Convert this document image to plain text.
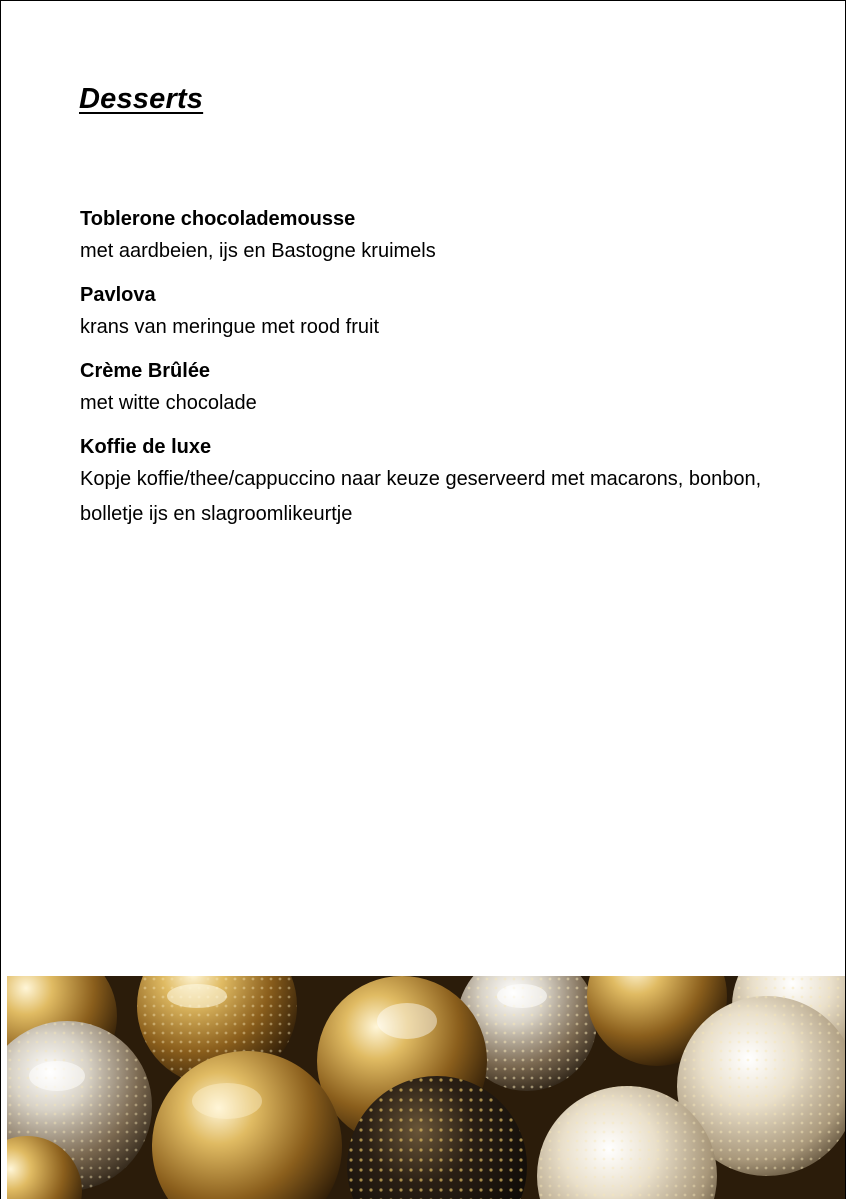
Desserts
Toblerone chocolademousse
met aardbeien, ijs en Bastogne kruimels
Pavlova
krans van meringue met rood fruit
Crème Brûlée
met witte chocolade
Koffie de luxe
Kopje koffie/thee/cappuccino naar keuze geserveerd met macarons, bonbon, bolletje ijs en slagroomlikeurtje
